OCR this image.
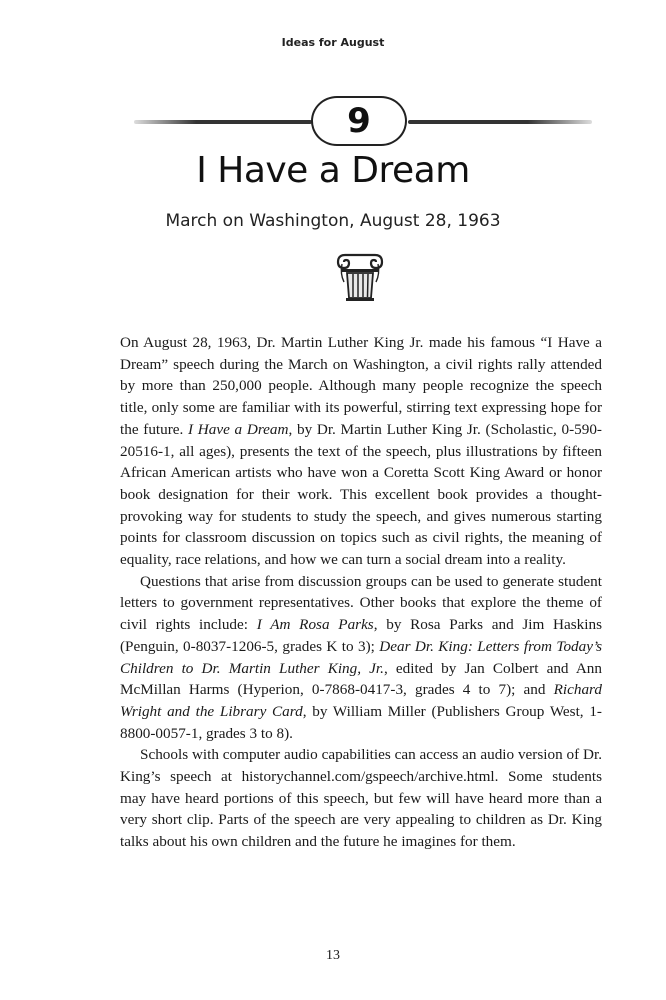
Ideas for August
9
I Have a Dream
March on Washington, August 28, 1963

On August 28, 1963, Dr. Martin Luther King Jr. made his famous “I Have a Dream” speech during the March on Washington, a civil rights rally attended by more than 250,000 people. Although many people recognize the speech title, only some are familiar with its powerful, stirring text expressing hope for the future. I Have a Dream, by Dr. Martin Luther King Jr. (Scholastic, 0-590-20516-1, all ages), presents the text of the speech, plus illustrations by fifteen African American artists who have won a Coretta Scott King Award or honor book designation for their work. This excellent book provides a thought-provoking way for students to study the speech, and gives numerous starting points for classroom discussion on topics such as civil rights, the meaning of equality, race relations, and how we can turn a social dream into a reality.

Questions that arise from discussion groups can be used to generate student letters to government representatives. Other books that explore the theme of civil rights include: I Am Rosa Parks, by Rosa Parks and Jim Haskins (Penguin, 0-8037-1206-5, grades K to 3); Dear Dr. King: Letters from Today’s Children to Dr. Martin Luther King, Jr., edited by Jan Colbert and Ann McMillan Harms (Hyperion, 0-7868-0417-3, grades 4 to 7); and Richard Wright and the Library Card, by William Miller (Publishers Group West, 1-8800-0057-1, grades 3 to 8).

Schools with computer audio capabilities can access an audio version of Dr. King’s speech at historychannel.com/gspeech/archive.html. Some students may have heard portions of this speech, but few will have heard more than a very short clip. Parts of the speech are very appealing to children as Dr. King talks about his own children and the future he imagines for them.

13
